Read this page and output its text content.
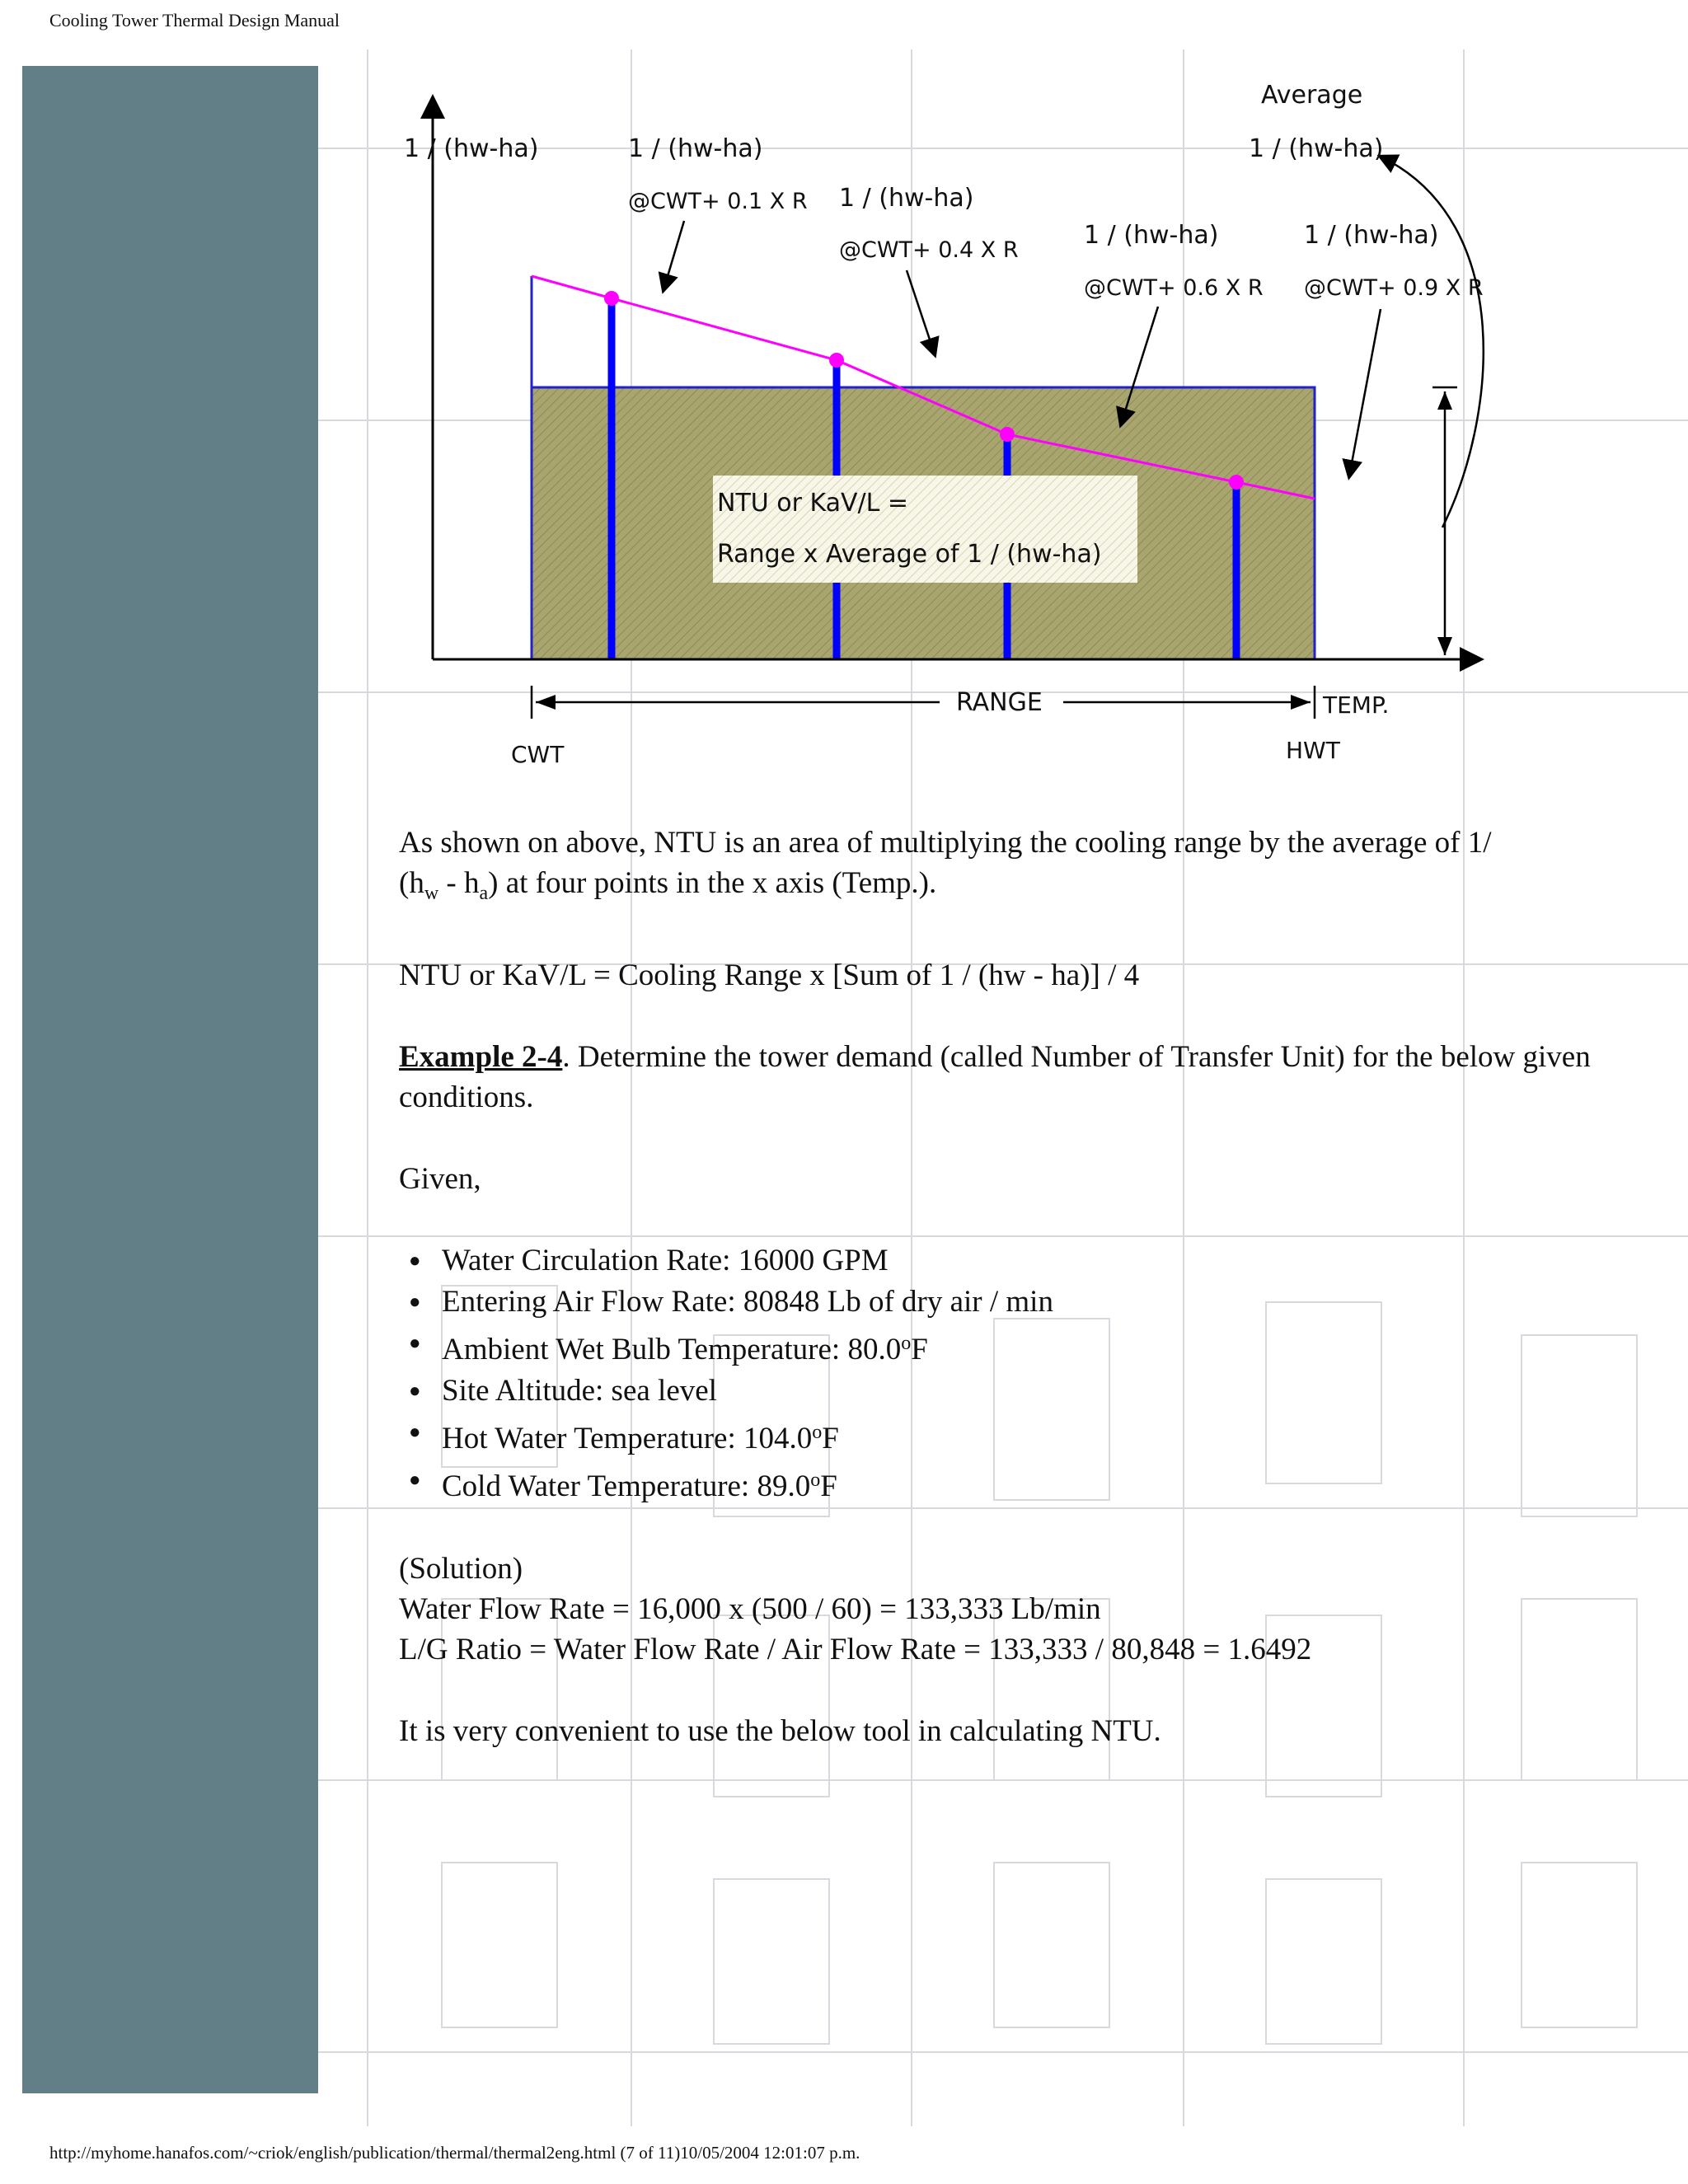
Cooling Tower Thermal Design Manual
NTU or KaV/L =
Range x Average of 1 / (hw-ha)
1 / (hw-ha)	1 / (hw-ha)
@CWT+ 0.1 X R 1 / (hw-ha)
@CWT+ 0.4 X R
1 / (hw-ha)
@CWT+ 0.6 X R
1 / (hw-ha)
@CWT+ 0.9 X R
Average
1 / (hw-ha)
RANGE	TEMP.
CWT	HWT

As shown on above, NTU is an area of multiplying the cooling range by the average of 1/
$(h_w - h_a)$ at four points in the x axis (Temp.).

NTU or KaV/L = Cooling Range x [Sum of 1 / (hw - ha)] / 4

Example 2-4. Determine the tower demand (called Number of Transfer Unit) for the below given conditions.

Given,

● Water Circulation Rate: 16000 GPM
● Entering Air Flow Rate: 80848 Lb of dry air / min
● Ambient Wet Bulb Temperature: 80.0$^o$F
● Site Altitude: sea level
● Hot Water Temperature: 104.0$^o$F
● Cold Water Temperature: 89.0$^o$F

(Solution)

Water Flow Rate = 16,000 x (500 / 60) = 133,333 Lb/min

L/G Ratio = Water Flow Rate / Air Flow Rate = 133,333 / 80,848 = 1.6492

It is very convenient to use the below tool in calculating NTU.

http://myhome.hanafos.com/~criok/english/publication/thermal/thermal2eng.html (7 of 11)10/05/2004 12:01:07 p.m.
